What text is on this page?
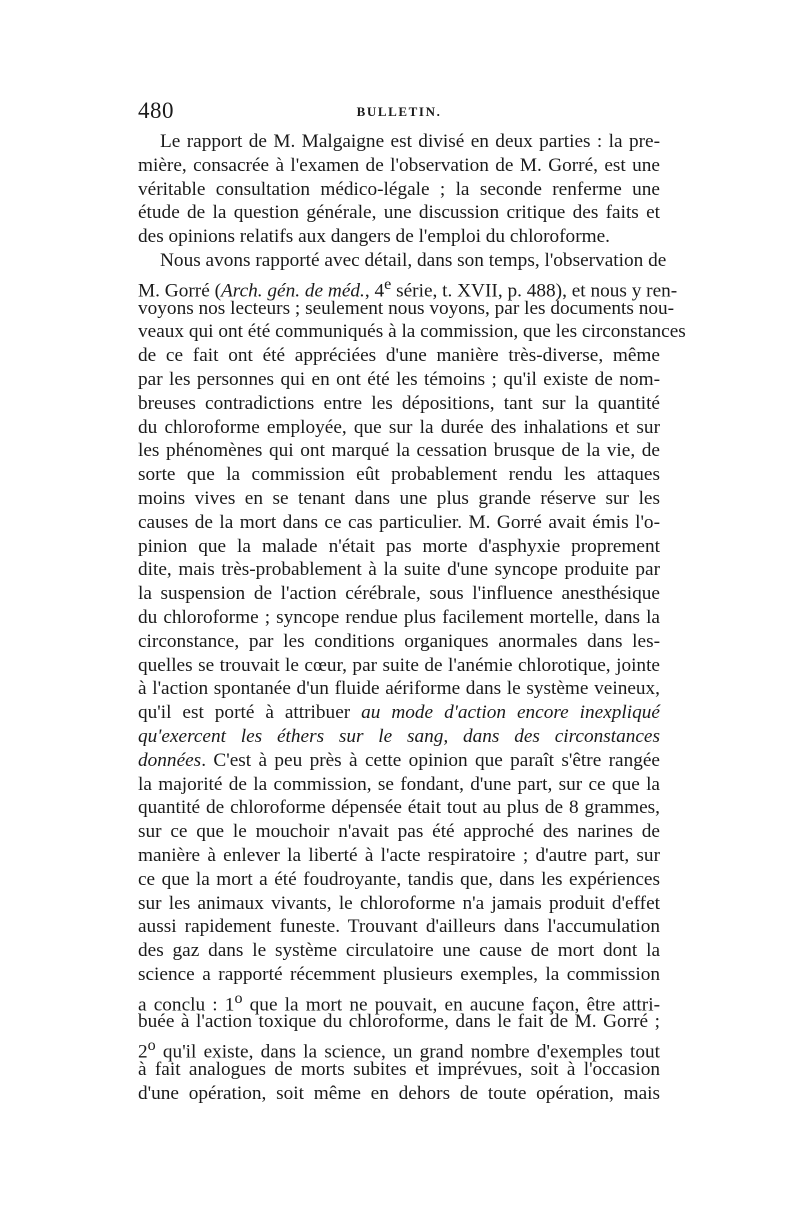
480	BULLETIN.
Le rapport de M. Malgaigne est divisé en deux parties : la pre-
mière, consacrée à l'examen de l'observation de M. Gorré, est une
véritable consultation médico-légale ; la seconde renferme une
étude de la question générale, une discussion critique des faits et
des opinions relatifs aux dangers de l'emploi du chloroforme.
Nous avons rapporté avec détail, dans son temps, l'observation de
M. Gorré (Arch. gén. de méd., 4e série, t. XVII, p. 488), et nous y ren-
voyons nos lecteurs ; seulement nous voyons, par les documents nou-
veaux qui ont été communiqués à la commission, que les circonstances
de ce fait ont été appréciées d'une manière très-diverse, même
par les personnes qui en ont été les témoins ; qu'il existe de nom-
breuses contradictions entre les dépositions, tant sur la quantité
du chloroforme employée, que sur la durée des inhalations et sur
les phénomènes qui ont marqué la cessation brusque de la vie, de
sorte que la commission eût probablement rendu les attaques
moins vives en se tenant dans une plus grande réserve sur les
causes de la mort dans ce cas particulier. M. Gorré avait émis l'o-
pinion que la malade n'était pas morte d'asphyxie proprement
dite, mais très-probablement à la suite d'une syncope produite par
la suspension de l'action cérébrale, sous l'influence anesthésique
du chloroforme ; syncope rendue plus facilement mortelle, dans la
circonstance, par les conditions organiques anormales dans les-
quelles se trouvait le cœur, par suite de l'anémie chlorotique, jointe
à l'action spontanée d'un fluide aériforme dans le système veineux,
qu'il est porté à attribuer au mode d'action encore inexpliqué
qu'exercent les éthers sur le sang, dans des circonstances
données. C'est à peu près à cette opinion que paraît s'être rangée
la majorité de la commission, se fondant, d'une part, sur ce que la
quantité de chloroforme dépensée était tout au plus de 8 grammes,
sur ce que le mouchoir n'avait pas été approché des narines de
manière à enlever la liberté à l'acte respiratoire ; d'autre part, sur
ce que la mort a été foudroyante, tandis que, dans les expériences
sur les animaux vivants, le chloroforme n'a jamais produit d'effet
aussi rapidement funeste. Trouvant d'ailleurs dans l'accumulation
des gaz dans le système circulatoire une cause de mort dont la
science a rapporté récemment plusieurs exemples, la commission
a conclu : 1$^o$ que la mort ne pouvait, en aucune façon, être attri-
buée à l'action toxique du chloroforme, dans le fait de M. Gorré ;
2$^o$ qu'il existe, dans la science, un grand nombre d'exemples tout
à fait analogues de morts subites et imprévues, soit à l'occasion
d'une opération, soit même en dehors de toute opération, mais
